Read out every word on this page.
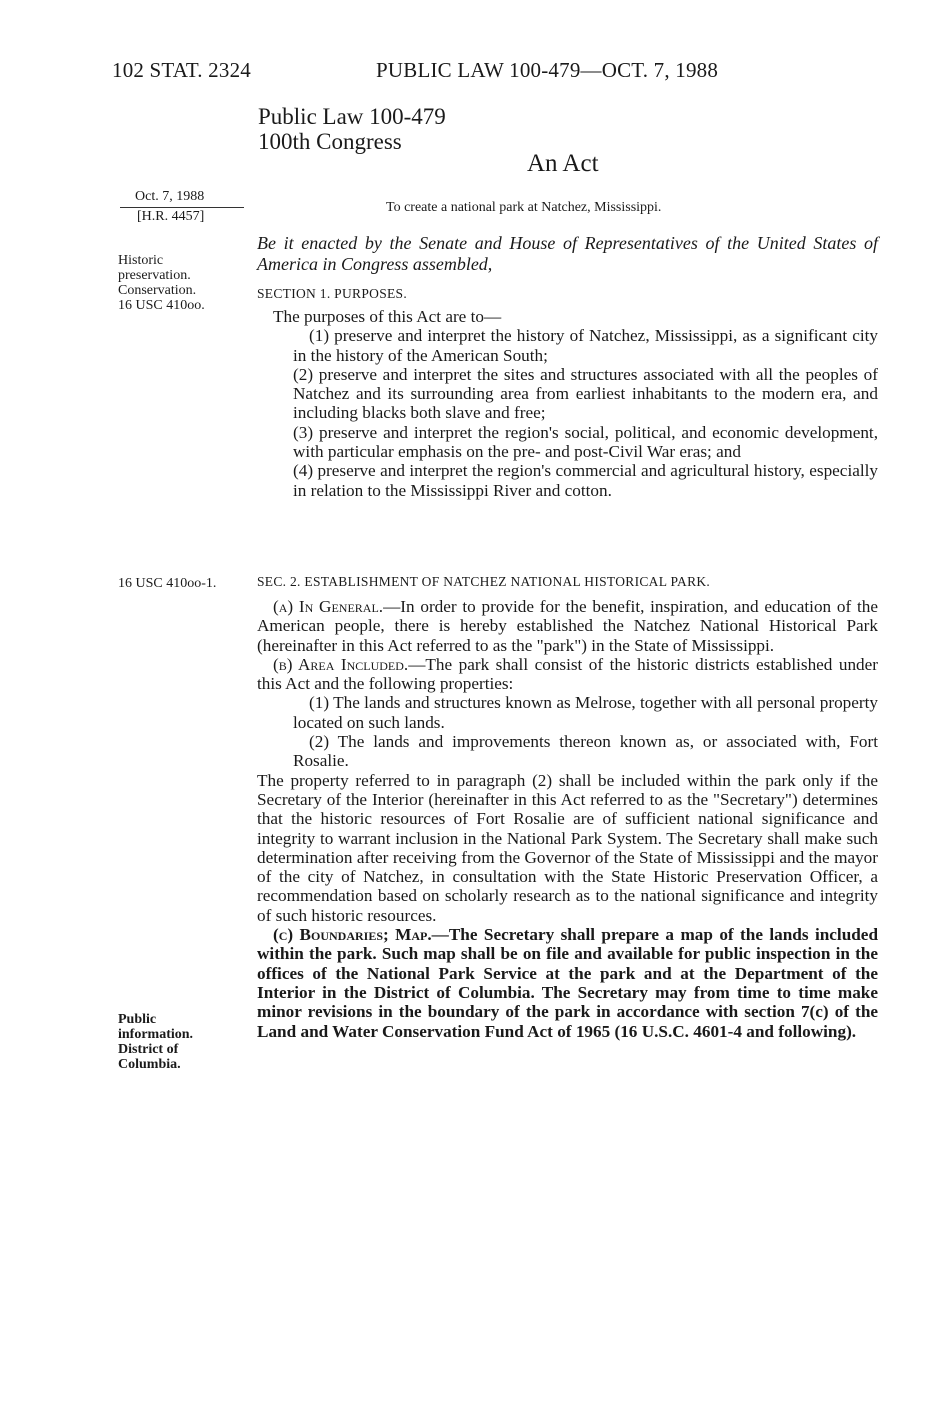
102 STAT. 2324	PUBLIC LAW 100-479—OCT. 7, 1988
Public Law 100-479
100th Congress
An Act
Oct. 7, 1988
[H.R. 4457]
To create a national park at Natchez, Mississippi.
Historic
preservation.
Conservation.
16 USC 410oo.
16 USC 410oo-1.
Public
information.
District of
Columbia.
Be it enacted by the Senate and House of Representatives of the United States of America in Congress assembled,
SECTION 1. PURPOSES.

The purposes of this Act are to—

(1) preserve and interpret the history of Natchez, Mississippi, as a significant city in the history of the American South;

(2) preserve and interpret the sites and structures associated with all the peoples of Natchez and its surrounding area from earliest inhabitants to the modern era, and including blacks both slave and free;

(3) preserve and interpret the region's social, political, and economic development, with particular emphasis on the pre- and post-Civil War eras; and

(4) preserve and interpret the region's commercial and agricultural history, especially in relation to the Mississippi River and cotton.

SEC. 2. ESTABLISHMENT OF NATCHEZ NATIONAL HISTORICAL PARK.

(a) In General.—In order to provide for the benefit, inspiration, and education of the American people, there is hereby established the Natchez National Historical Park (hereinafter in this Act referred to as the "park") in the State of Mississippi.

(b) Area Included.—The park shall consist of the historic districts established under this Act and the following properties:

(1) The lands and structures known as Melrose, together with all personal property located on such lands.

(2) The lands and improvements thereon known as, or associated with, Fort Rosalie.

The property referred to in paragraph (2) shall be included within the park only if the Secretary of the Interior (hereinafter in this Act referred to as the "Secretary") determines that the historic resources of Fort Rosalie are of sufficient national significance and integrity to warrant inclusion in the National Park System. The Secretary shall make such determination after receiving from the Governor of the State of Mississippi and the mayor of the city of Natchez, in consultation with the State Historic Preservation Officer, a recommendation based on scholarly research as to the national significance and integrity of such historic resources.

(c) Boundaries; Map.—The Secretary shall prepare a map of the lands included within the park. Such map shall be on file and available for public inspection in the offices of the National Park Service at the park and at the Department of the Interior in the District of Columbia. The Secretary may from time to time make minor revisions in the boundary of the park in accordance with section 7(c) of the Land and Water Conservation Fund Act of 1965 (16 U.S.C. 4601-4 and following).
